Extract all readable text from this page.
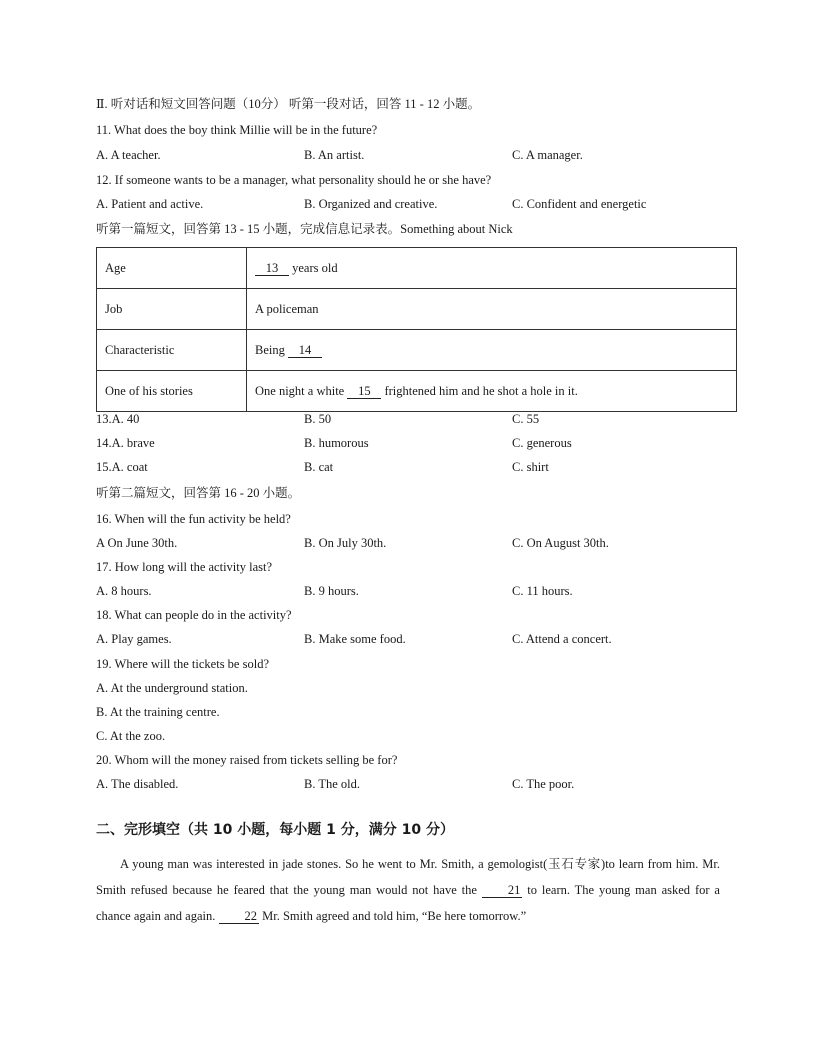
Ⅱ. 听对话和短文回答问题（10分） 听第一段对话，回答 11 - 12 小题。
11. What does the boy think Millie will be in the future?
A. A teacher.	B. An artist.	C. A manager.
12. If someone wants to be a manager, what personality should he or she have?
A. Patient and active.	B. Organized and creative.	C. Confident and energetic
听第一篇短文，回答第 13 - 15 小题，完成信息记录表。Something about Nick
Age	13 years old
Job	A policeman
Characteristic	Being 14
One of his stories	One night a white 15 frightened him and he shot a hole in it.
13.A. 40	B. 50	C. 55
14.A. brave	B. humorous	C. generous
15.A. coat	B. cat	C. shirt
听第二篇短文，回答第 16 - 20 小题。
16. When will the fun activity be held?
A On June 30th.	B. On July 30th.	C. On August 30th.
17. How long will the activity last?
A. 8 hours.	B. 9 hours.	C. 11 hours.
18. What can people do in the activity?
A. Play games.	B. Make some food.	C. Attend a concert.
19. Where will the tickets be sold?
A. At the underground station.
B. At the training centre.
C. At the zoo.
20. Whom will the money raised from tickets selling be for?
A. The disabled.	B. The old.	C. The poor.
二、完形填空（共 10 小题，每小题 1 分，满分 10 分）
A young man was interested in jade stones. So he went to Mr. Smith, a gemologist(玉石专家)to learn from him. Mr. Smith refused because he feared that the young man would not have the 21 to learn. The young man asked for a chance again and again. 22 Mr. Smith agreed and told him, “Be here tomorrow.”
